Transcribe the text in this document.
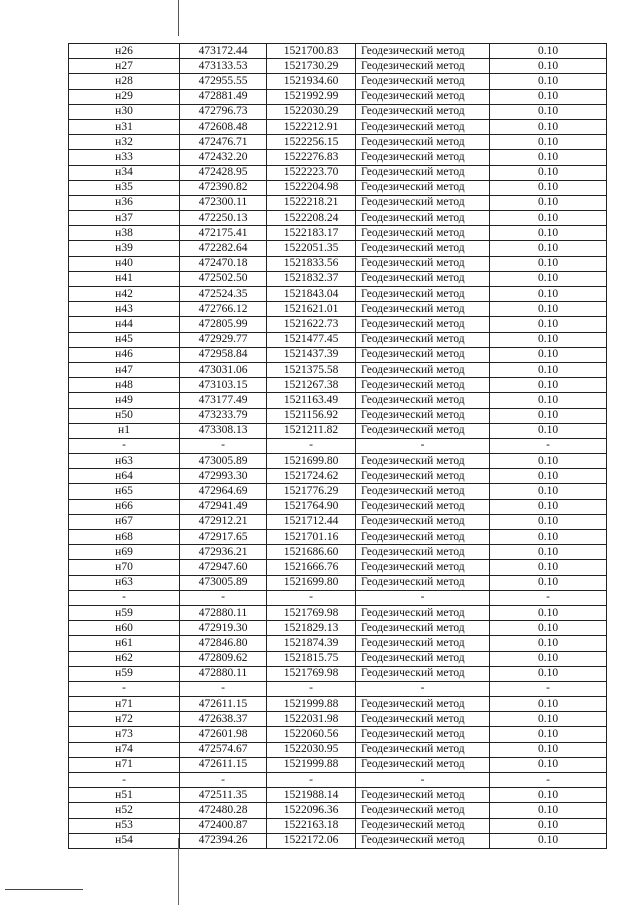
н26	473172.44	1521700.83	Геодезический метод	0.10
н27	473133.53	1521730.29	Геодезический метод	0.10
н28	472955.55	1521934.60	Геодезический метод	0.10
н29	472881.49	1521992.99	Геодезический метод	0.10
н30	472796.73	1522030.29	Геодезический метод	0.10
н31	472608.48	1522212.91	Геодезический метод	0.10
н32	472476.71	1522256.15	Геодезический метод	0.10
н33	472432.20	1522276.83	Геодезический метод	0.10
н34	472428.95	1522223.70	Геодезический метод	0.10
н35	472390.82	1522204.98	Геодезический метод	0.10
н36	472300.11	1522218.21	Геодезический метод	0.10
н37	472250.13	1522208.24	Геодезический метод	0.10
н38	472175.41	1522183.17	Геодезический метод	0.10
н39	472282.64	1522051.35	Геодезический метод	0.10
н40	472470.18	1521833.56	Геодезический метод	0.10
н41	472502.50	1521832.37	Геодезический метод	0.10
н42	472524.35	1521843.04	Геодезический метод	0.10
н43	472766.12	1521621.01	Геодезический метод	0.10
н44	472805.99	1521622.73	Геодезический метод	0.10
н45	472929.77	1521477.45	Геодезический метод	0.10
н46	472958.84	1521437.39	Геодезический метод	0.10
н47	473031.06	1521375.58	Геодезический метод	0.10
н48	473103.15	1521267.38	Геодезический метод	0.10
н49	473177.49	1521163.49	Геодезический метод	0.10
н50	473233.79	1521156.92	Геодезический метод	0.10
н1	473308.13	1521211.82	Геодезический метод	0.10
-	-	-	-	-
н63	473005.89	1521699.80	Геодезический метод	0.10
н64	472993.30	1521724.62	Геодезический метод	0.10
н65	472964.69	1521776.29	Геодезический метод	0.10
н66	472941.49	1521764.90	Геодезический метод	0.10
н67	472912.21	1521712.44	Геодезический метод	0.10
н68	472917.65	1521701.16	Геодезический метод	0.10
н69	472936.21	1521686.60	Геодезический метод	0.10
н70	472947.60	1521666.76	Геодезический метод	0.10
н63	473005.89	1521699.80	Геодезический метод	0.10
-	-	-	-	-
н59	472880.11	1521769.98	Геодезический метод	0.10
н60	472919.30	1521829.13	Геодезический метод	0.10
н61	472846.80	1521874.39	Геодезический метод	0.10
н62	472809.62	1521815.75	Геодезический метод	0.10
н59	472880.11	1521769.98	Геодезический метод	0.10
-	-	-	-	-
н71	472611.15	1521999.88	Геодезический метод	0.10
н72	472638.37	1522031.98	Геодезический метод	0.10
н73	472601.98	1522060.56	Геодезический метод	0.10
н74	472574.67	1522030.95	Геодезический метод	0.10
н71	472611.15	1521999.88	Геодезический метод	0.10
-	-	-	-	-
н51	472511.35	1521988.14	Геодезический метод	0.10
н52	472480.28	1522096.36	Геодезический метод	0.10
н53	472400.87	1522163.18	Геодезический метод	0.10
н54	472394.26	1522172.06	Геодезический метод	0.10
